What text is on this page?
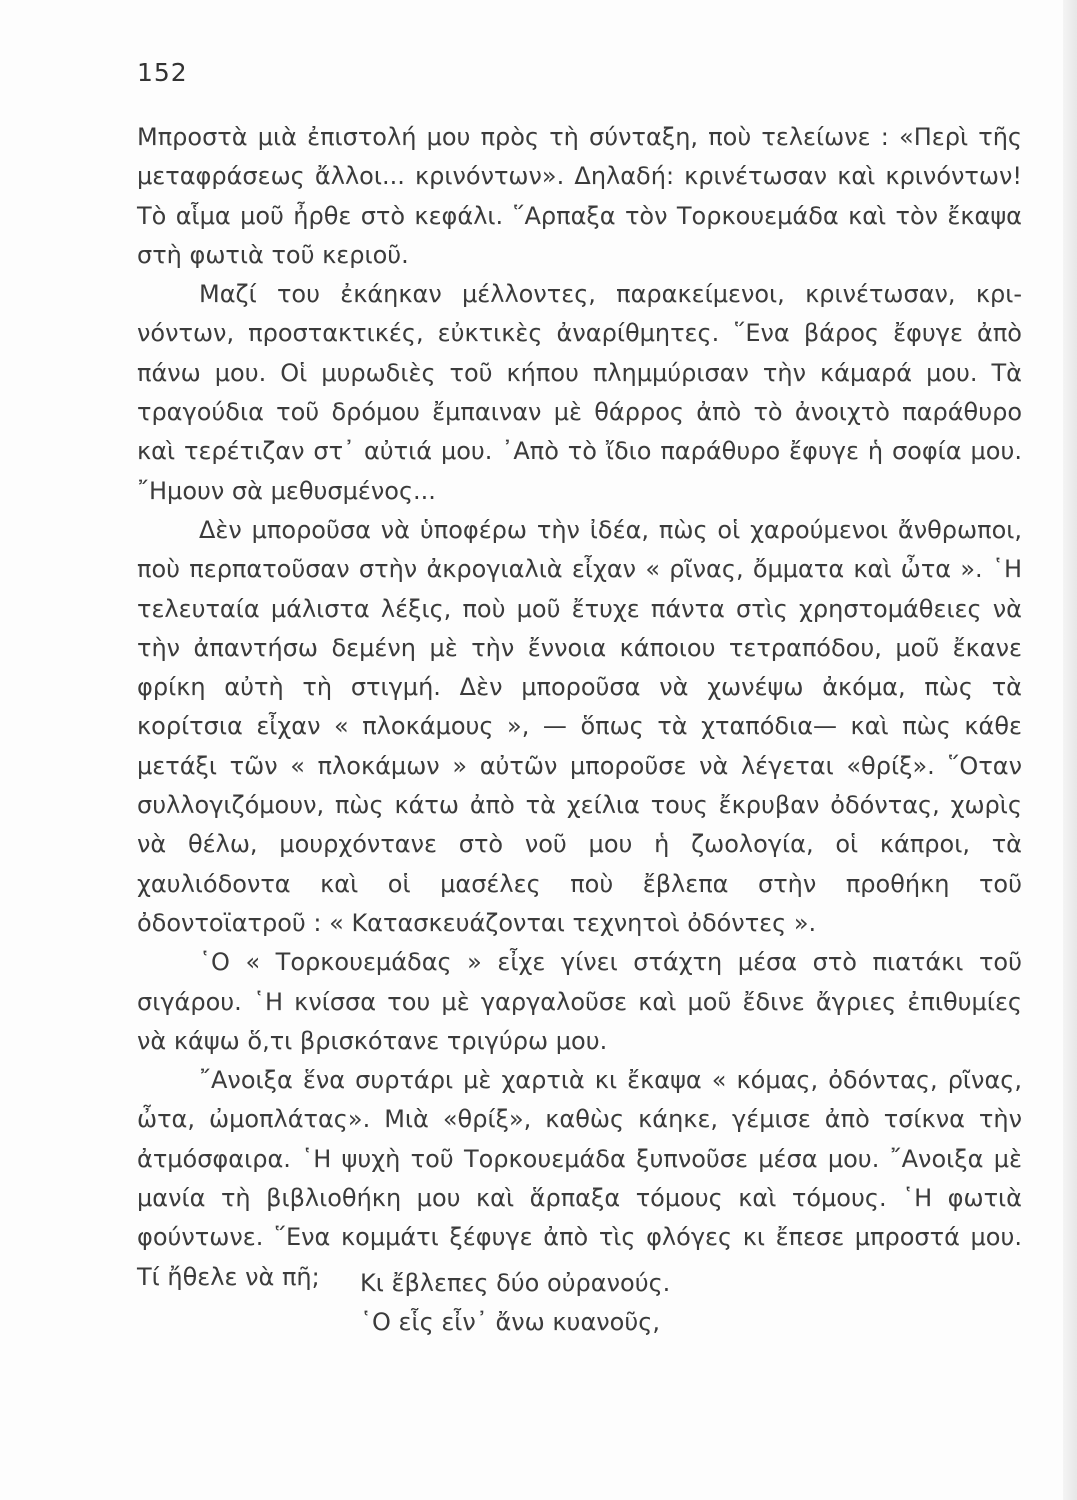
152

Μπροστὰ μιὰ ἐπιστολή μου πρὸς τὴ σύνταξη, ποὺ τελείωνε : «Περὶ τῆς μεταφράσεως ἄλλοι... κρινόντων». Δηλαδή: κρινέτωσαν καὶ κρινόντων! Τὸ αἷμα μοῦ ἦρθε στὸ κεφάλι. ῞Αρπαξα τὸν Τορκουεμάδα καὶ τὸν ἔκαψα στὴ φωτιὰ τοῦ κεριοῦ.

Μαζί του ἐκάηκαν μέλλοντες, παρακείμενοι, κρινέτωσαν, κρινόντων, προστακτικές, εὐκτικὲς ἀναρίθμητες. ῞Ενα βάρος ἔφυγε ἀπὸ πάνω μου. Οἱ μυρωδιὲς τοῦ κήπου πλημμύρισαν τὴν κάμαρά μου. Τὰ τραγούδια τοῦ δρόμου ἔμπαιναν μὲ θάρρος ἀπὸ τὸ ἀνοιχτὸ παράθυρο καὶ τερέτιζαν στ᾽ αὐτιά μου. ᾽Απὸ τὸ ἴδιο παράθυρο ἔφυγε ἡ σοφία μου. ῎Ημουν σὰ μεθυσμένος...

Δὲν μποροῦσα νὰ ὑποφέρω τὴν ἰδέα, πὼς οἱ χαρούμενοι ἄνθρωποι, ποὺ περπατοῦσαν στὴν ἀκρογιαλιὰ εἶχαν « ρῖνας, ὄμματα καὶ ὦτα ». ῾Η τελευταία μάλιστα λέξις, ποὺ μοῦ ἔτυχε πάντα στὶς χρηστομάθειες νὰ τὴν ἀπαντήσω δεμένη μὲ τὴν ἔννοια κάποιου τετραπόδου, μοῦ ἔκανε φρίκη αὐτὴ τὴ στιγμή. Δὲν μποροῦσα νὰ χωνέψω ἀκόμα, πὼς τὰ κορίτσια εἶχαν « πλοκάμους », — ὅπως τὰ χταπόδια— καὶ πὼς κάθε μετάξι τῶν « πλοκάμων » αὐτῶν μποροῦσε νὰ λέγεται «θρίξ». ῞Οταν συλλογιζόμουν, πὼς κάτω ἀπὸ τὰ χείλια τους ἔκρυβαν ὀδόντας, χωρὶς νὰ θέλω, μουρχόντανε στὸ νοῦ μου ἡ ζωολογία, οἱ κάπροι, τὰ χαυλιόδοντα καὶ οἱ μασέλες ποὺ ἔβλεπα στὴν προθήκη τοῦ ὀδοντοϊατροῦ : « Κατασκευάζονται τεχνητοὶ ὀδόντες ».

῾Ο « Τορκουεμάδας » εἶχε γίνει στάχτη μέσα στὸ πιατάκι τοῦ σιγάρου. ῾Η κνίσσα του μὲ γαργαλοῦσε καὶ μοῦ ἔδινε ἄγριες ἐπιθυμίες νὰ κάψω ὅ,τι βρισκότανε τριγύρω μου.

῎Ανοιξα ἕνα συρτάρι μὲ χαρτιὰ κι ἔκαψα « κόμας, ὀδόντας, ρῖνας, ὦτα, ὠμοπλάτας». Μιὰ «θρίξ», καθὼς κάηκε, γέμισε ἀπὸ τσίκνα τὴν ἀτμόσφαιρα. ῾Η ψυχὴ τοῦ Τορκουεμάδα ξυπνοῦσε μέσα μου. ῎Ανοιξα μὲ μανία τὴ βιβλιοθήκη μου καὶ ἅρπαξα τόμους καὶ τόμους. ῾Η φωτιὰ φούντωνε. ῞Ενα κομμάτι ξέφυγε ἀπὸ τὶς φλόγες κι ἔπεσε μπροστά μου. Τί ἤθελε νὰ πῆ;	Κι ἔβλεπες δύο οὐρανούς.
῾Ο εἷς εἶν᾽ ἄνω κυανοῦς,
